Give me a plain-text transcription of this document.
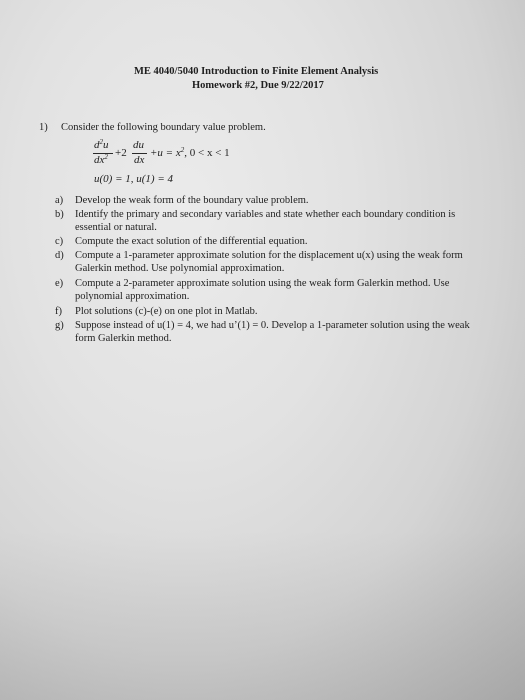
ME 4040/5040 Introduction to Finite Element Analysis
Homework #2, Due 9/22/2017
1) Consider the following boundary value problem.
$d^2u$
$dx^2 +2$
du
dx
$+u = x^2$, 0 < x < 1
u(0) = 1, u(1) = 4
a) Develop the weak form of the boundary value problem.
b) Identify the primary and secondary variables and state whether each boundary condition is
essential or natural.
c) Compute the exact solution of the differential equation.
d) Compute a 1-parameter approximate solution for the displacement u(x) using the weak form
Galerkin method. Use polynomial approximation.
e) Compute a 2-parameter approximate solution using the weak form Galerkin method. Use
polynomial approximation.
f) Plot solutions (c)-(e) on one plot in Matlab.
g) Suppose instead of u(1) = 4, we had u’(1) = 0. Develop a 1-parameter solution using the weak
form Galerkin method.
